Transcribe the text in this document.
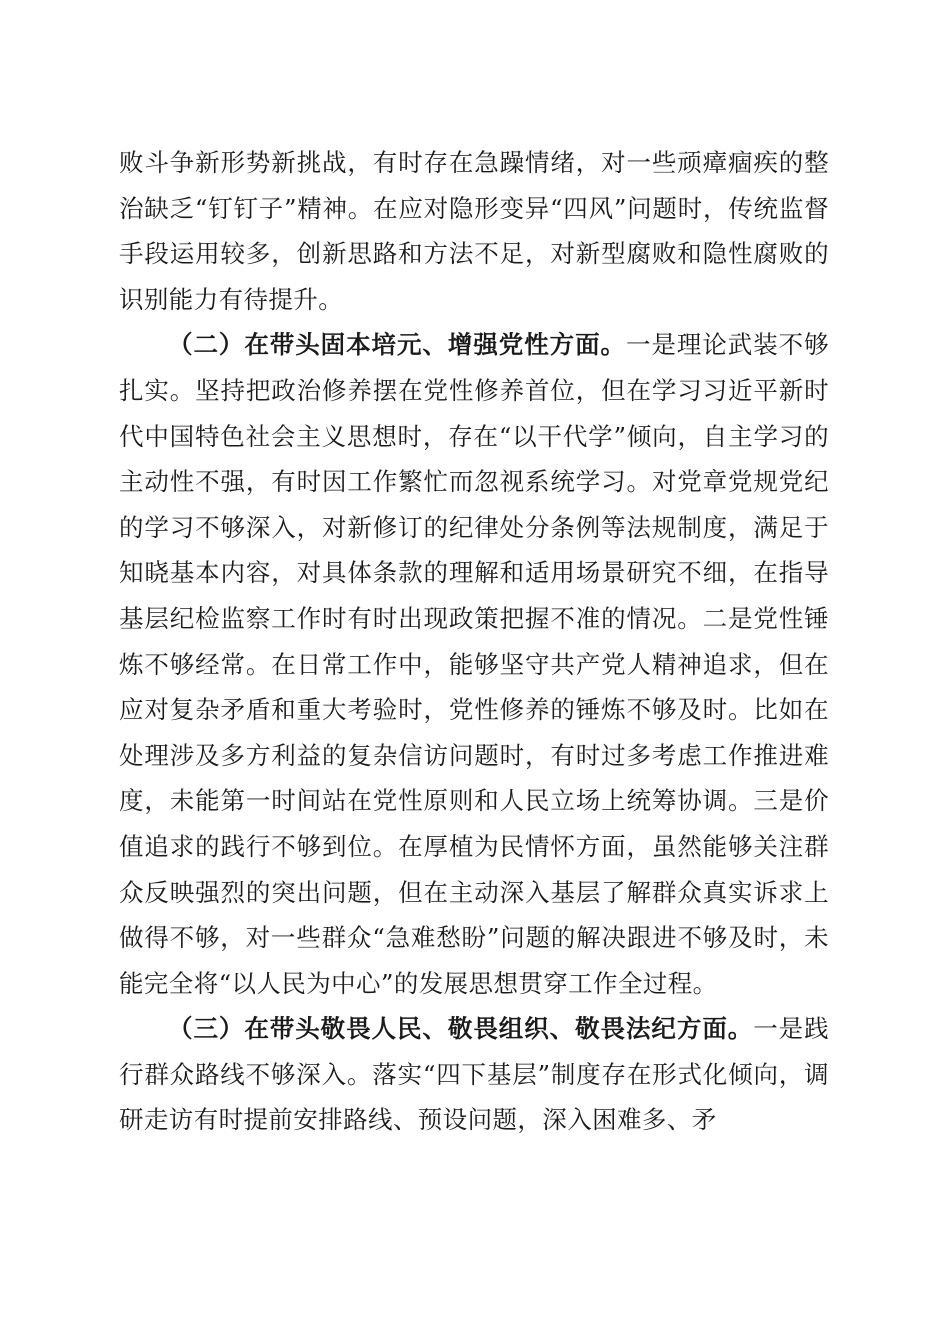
败斗争新形势新挑战，有时存在急躁情绪，对一些顽瘴痼疾的整治缺乏“钉钉子”精神。在应对隐形变异“四风”问题时，传统监督手段运用较多，创新思路和方法不足，对新型腐败和隐性腐败的识别能力有待提升。

（二）在带头固本培元、增强党性方面。一是理论武装不够扎实。坚持把政治修养摆在党性修养首位，但在学习习近平新时代中国特色社会主义思想时，存在“以干代学”倾向，自主学习的主动性不强，有时因工作繁忙而忽视系统学习。对党章党规党纪的学习不够深入，对新修订的纪律处分条例等法规制度，满足于知晓基本内容，对具体条款的理解和适用场景研究不细，在指导基层纪检监察工作时有时出现政策把握不准的情况。二是党性锤炼不够经常。在日常工作中，能够坚守共产党人精神追求，但在应对复杂矛盾和重大考验时，党性修养的锤炼不够及时。比如在处理涉及多方利益的复杂信访问题时，有时过多考虑工作推进难度，未能第一时间站在党性原则和人民立场上统筹协调。三是价值追求的践行不够到位。在厚植为民情怀方面，虽然能够关注群众反映强烈的突出问题，但在主动深入基层了解群众真实诉求上做得不够，对一些群众“急难愁盼”问题的解决跟进不够及时，未能完全将“以人民为中心”的发展思想贯穿工作全过程。

（三）在带头敬畏人民、敬畏组织、敬畏法纪方面。一是践行群众路线不够深入。落实“四下基层”制度存在形式化倾向，调研走访有时提前安排路线、预设问题，深入困难多、矛
